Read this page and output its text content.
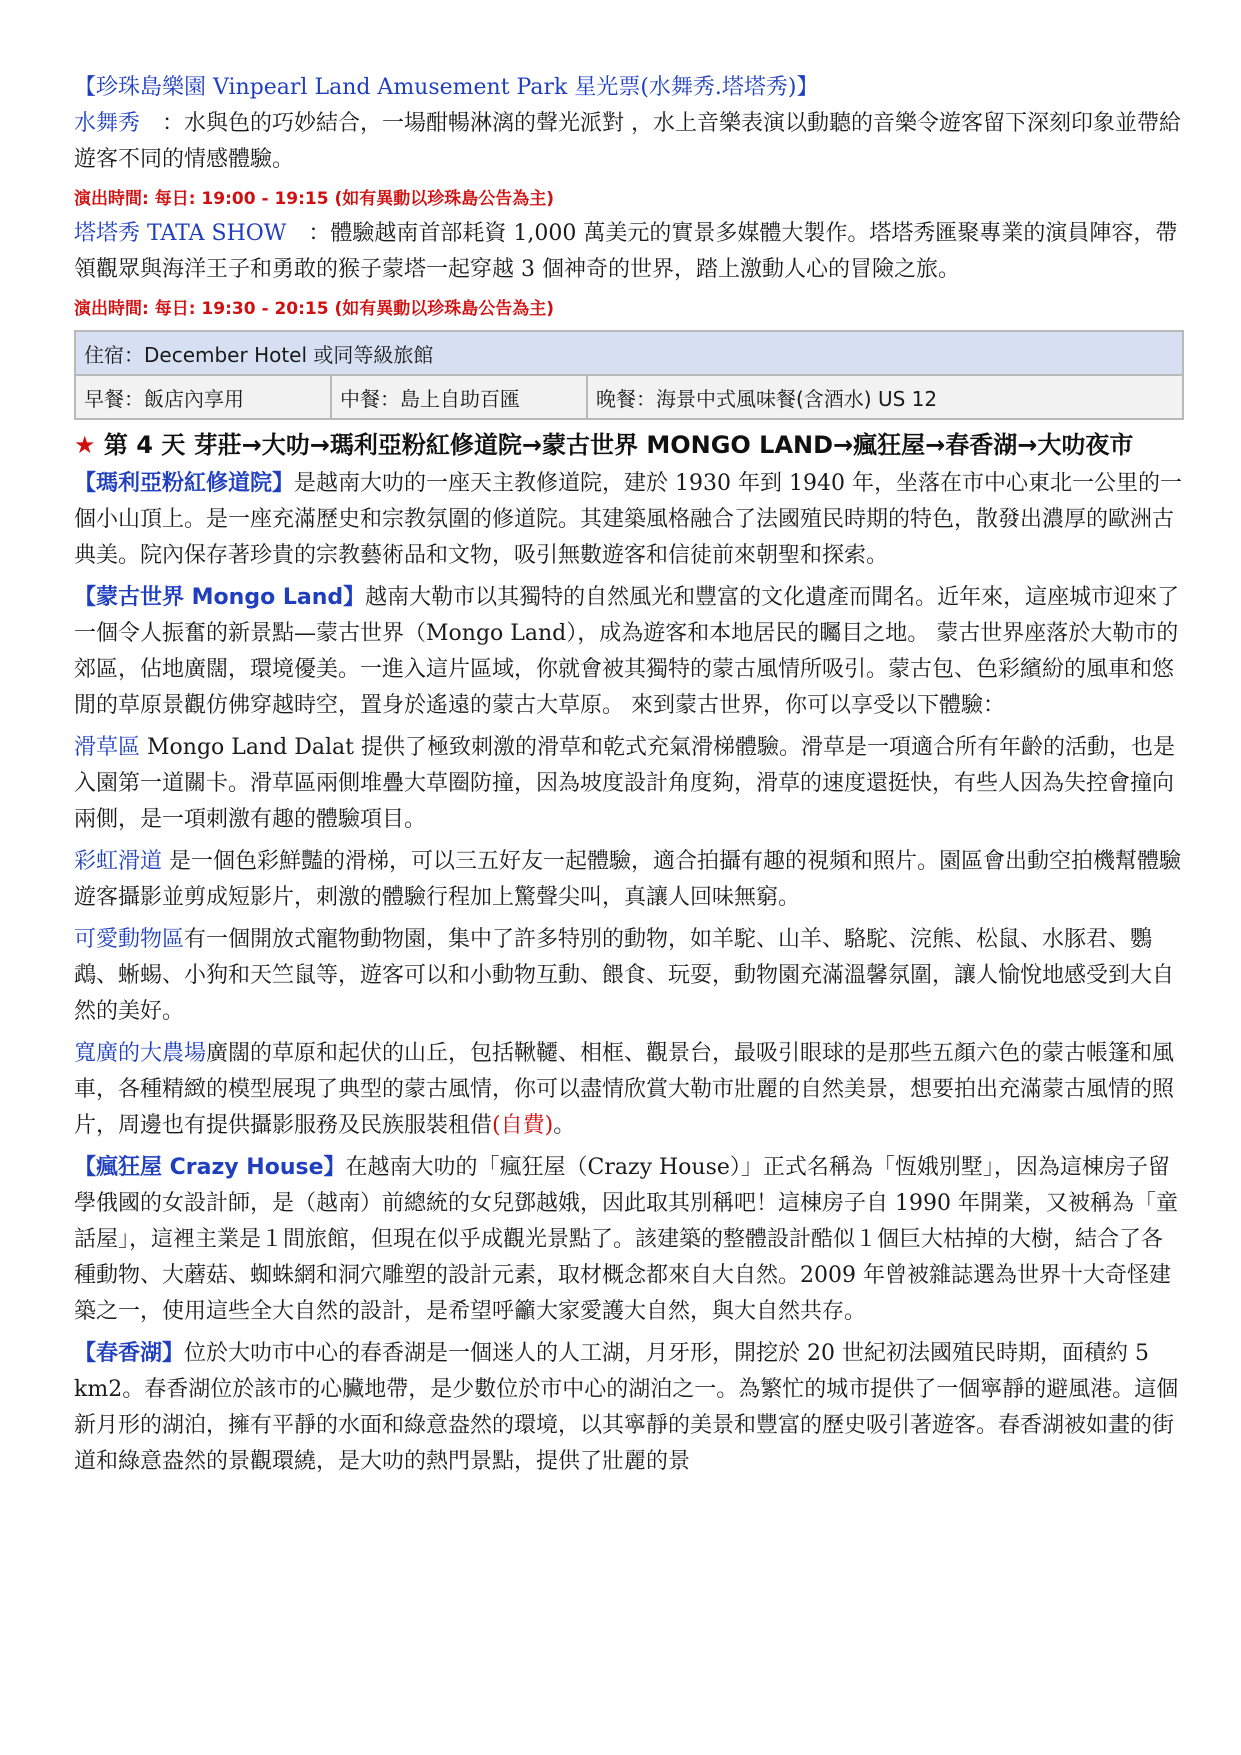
【珍珠島樂園 Vinpearl Land Amusement Park 星光票(水舞秀.塔塔秀)】

水舞秀　：水與色的巧妙結合，一場酣暢淋漓的聲光派對 ，水上音樂表演以動聽的音樂令遊客留下深刻印象並帶給遊客不同的情感體驗。

演出時間: 每日: 19:00 - 19:15 (如有異動以珍珠島公告為主)

塔塔秀 TATA SHOW　：體驗越南首部耗資 1,000 萬美元的實景多媒體大製作。塔塔秀匯聚專業的演員陣容，帶領觀眾與海洋王子和勇敢的猴子蒙塔一起穿越 3 個神奇的世界，踏上激動人心的冒險之旅。

演出時間: 每日: 19:30 - 20:15 (如有異動以珍珠島公告為主)

住宿：December Hotel 或同等級旅館
早餐：飯店內享用	中餐：島上自助百匯	晚餐：海景中式風味餐(含酒水) US 12

★ 第 4 天 芽莊→大叻→瑪利亞粉紅修道院→蒙古世界 MONGO LAND→瘋狂屋→春香湖→大叻夜市

【瑪利亞粉紅修道院】是越南大叻的一座天主教修道院，建於 1930 年到 1940 年，坐落在市中心東北一公里的一個小山頂上。是一座充滿歷史和宗教氛圍的修道院。其建築風格融合了法國殖民時期的特色，散發出濃厚的歐洲古典美。院內保存著珍貴的宗教藝術品和文物，吸引無數遊客和信徒前來朝聖和探索。

【蒙古世界 Mongo Land】越南大勒市以其獨特的自然風光和豐富的文化遺產而聞名。近年來，這座城市迎來了一個令人振奮的新景點—蒙古世界（Mongo Land），成為遊客和本地居民的矚目之地。 蒙古世界座落於大勒市的郊區，佔地廣闊，環境優美。一進入這片區域，你就會被其獨特的蒙古風情所吸引。蒙古包、色彩繽紛的風車和悠閒的草原景觀仿佛穿越時空，置身於遙遠的蒙古大草原。 來到蒙古世界，你可以享受以下體驗：

滑草區 Mongo Land Dalat 提供了極致刺激的滑草和乾式充氣滑梯體驗。滑草是一項適合所有年齡的活動，也是入園第一道關卡。滑草區兩側堆疊大草圈防撞，因為坡度設計角度夠，滑草的速度還挺快，有些人因為失控會撞向兩側，是一項刺激有趣的體驗項目。

彩虹滑道 是一個色彩鮮豔的滑梯，可以三五好友一起體驗，適合拍攝有趣的視頻和照片。園區會出動空拍機幫體驗遊客攝影並剪成短影片，刺激的體驗行程加上驚聲尖叫，真讓人回味無窮。

可愛動物區有一個開放式寵物動物園，集中了許多特別的動物，如羊駝、山羊、駱駝、浣熊、松鼠、水豚君、鸚鵡、蜥蜴、小狗和天竺鼠等，遊客可以和小動物互動、餵食、玩耍，動物園充滿溫馨氛圍，讓人愉悅地感受到大自然的美好。

寬廣的大農場廣闊的草原和起伏的山丘，包括鞦韆、相框、觀景台，最吸引眼球的是那些五顏六色的蒙古帳篷和風車，各種精緻的模型展現了典型的蒙古風情，你可以盡情欣賞大勒市壯麗的自然美景，想要拍出充滿蒙古風情的照片，周邊也有提供攝影服務及民族服裝租借(自費)。

【瘋狂屋 Crazy House】在越南大叻的「瘋狂屋（Crazy House）」正式名稱為「恆娥別墅」，因為這棟房子留學俄國的女設計師，是（越南）前總統的女兒鄧越娥，因此取其別稱吧！這棟房子自 1990 年開業，又被稱為「童話屋」，這裡主業是１間旅館，但現在似乎成觀光景點了。該建築的整體設計酷似１個巨大枯掉的大樹，結合了各種動物、大蘑菇、蜘蛛網和洞穴雕塑的設計元素，取材概念都來自大自然。2009 年曾被雜誌選為世界十大奇怪建築之一，使用這些全大自然的設計，是希望呼籲大家愛護大自然，與大自然共存。

【春香湖】位於大叻市中心的春香湖是一個迷人的人工湖，月牙形，開挖於 20 世紀初法國殖民時期，面積約 5 km2。春香湖位於該市的心臟地帶，是少數位於市中心的湖泊之一。為繁忙的城市提供了一個寧靜的避風港。這個新月形的湖泊，擁有平靜的水面和綠意盎然的環境，以其寧靜的美景和豐富的歷史吸引著遊客。春香湖被如畫的街道和綠意盎然的景觀環繞，是大叻的熱門景點，提供了壯麗的景
